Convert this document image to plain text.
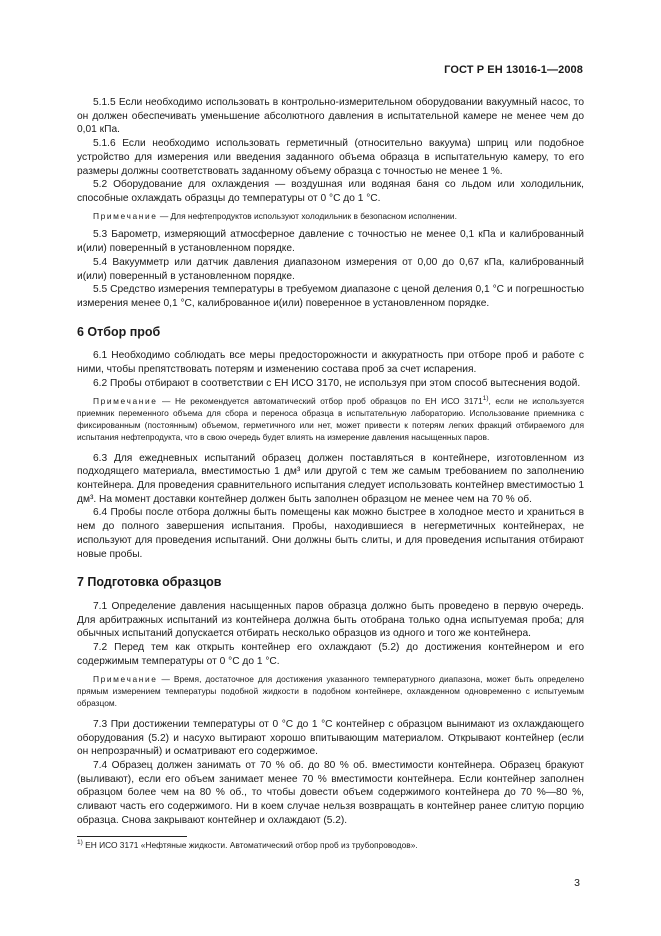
ГОСТ Р ЕН 13016-1—2008

5.1.5 Если необходимо использовать в контрольно-измерительном оборудовании вакуумный насос, то он должен обеспечивать уменьшение абсолютного давления в испытательной камере не менее чем до 0,01 кПа.

5.1.6 Если необходимо использовать герметичный (относительно вакуума) шприц или подобное устройство для измерения или введения заданного объема образца в испытательную камеру, то его размеры должны соответствовать заданному объему образца с точностью не менее 1 %.

5.2 Оборудование для охлаждения — воздушная или водяная баня со льдом или холодильник, способные охлаждать образцы до температуры от 0 °С до 1 °С.

Примечание — Для нефтепродуктов используют холодильник в безопасном исполнении.

5.3 Барометр, измеряющий атмосферное давление с точностью не менее 0,1 кПа и калиброванный и(или) поверенный в установленном порядке.

5.4 Вакуумметр или датчик давления диапазоном измерения от 0,00 до 0,67 кПа, калиброванный и(или) поверенный в установленном порядке.

5.5 Средство измерения температуры в требуемом диапазоне с ценой деления 0,1 °С и погрешностью измерения менее 0,1 °С, калиброванное и(или) поверенное в установленном порядке.

6 Отбор проб

6.1 Необходимо соблюдать все меры предосторожности и аккуратность при отборе проб и работе с ними, чтобы препятствовать потерям и изменению состава проб за счет испарения.

6.2 Пробы отбирают в соответствии с ЕН ИСО 3170, не используя при этом способ вытеснения водой.

Примечание — Не рекомендуется автоматический отбор проб образцов по ЕН ИСО 3171$^{1)}$, если не используется приемник переменного объема для сбора и переноса образца в испытательную лабораторию. Использование приемника с фиксированным (постоянным) объемом, герметичного или нет, может привести к потерям легких фракций отбираемого для испытания нефтепродукта, что в свою очередь будет влиять на измерение давления насыщенных паров.

6.3 Для ежедневных испытаний образец должен поставляться в контейнере, изготовленном из подходящего материала, вместимостью 1 дм³ или другой с тем же самым требованием по заполнению контейнера. Для проведения сравнительного испытания следует использовать контейнер вместимостью 1 дм³. На момент доставки контейнер должен быть заполнен образцом не менее чем на 70 % об.

6.4 Пробы после отбора должны быть помещены как можно быстрее в холодное место и храниться в нем до полного завершения испытания. Пробы, находившиеся в негерметичных контейнерах, не используют для проведения испытаний. Они должны быть слиты, и для проведения испытания отбирают новые пробы.

7 Подготовка образцов

7.1 Определение давления насыщенных паров образца должно быть проведено в первую очередь. Для арбитражных испытаний из контейнера должна быть отобрана только одна испытуемая проба; для обычных испытаний допускается отбирать несколько образцов из одного и того же контейнера.

7.2 Перед тем как открыть контейнер его охлаждают (5.2) до достижения контейнером и его содержимым температуры от 0 °С до 1 °С.

Примечание — Время, достаточное для достижения указанного температурного диапазона, может быть определено прямым измерением температуры подобной жидкости в подобном контейнере, охлажденном одновременно с испытуемым образцом.

7.3 При достижении температуры от 0 °С до 1 °С контейнер с образцом вынимают из охлаждающего оборудования (5.2) и насухо вытирают хорошо впитывающим материалом. Открывают контейнер (если он непрозрачный) и осматривают его содержимое.

7.4 Образец должен занимать от 70 % об. до 80 % об. вместимости контейнера. Образец бракуют (выливают), если его объем занимает менее 70 % вместимости контейнера. Если контейнер заполнен образцом более чем на 80 % об., то чтобы довести объем содержимого контейнера до 70 %—80 %, сливают часть его содержимого. Ни в коем случае нельзя возвращать в контейнер ранее слитую порцию образца. Снова закрывают контейнер и охлаждают (5.2).

$^{1)}$ ЕН ИСО 3171 «Нефтяные жидкости. Автоматический отбор проб из трубопроводов».

3
